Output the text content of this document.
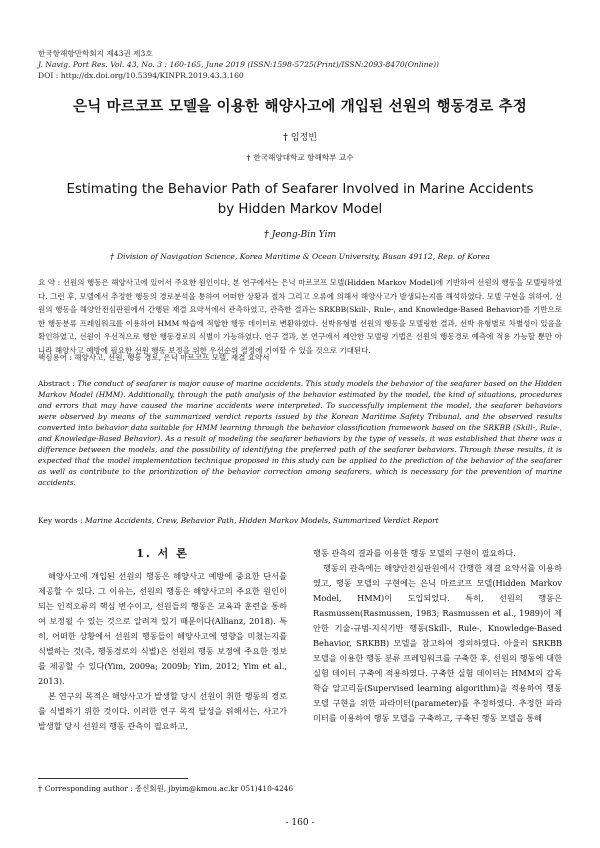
한국항해항만학회지 제43권 제3호
J. Navig. Port Res. Vol. 43, No. 3 : 160-165, June 2019 (ISSN:1598-5725(Print)/ISSN:2093-8470(Online))
DOI : http://dx.doi.org/10.5394/KINPR.2019.43.3.160
은닉 마르코프 모델을 이용한 해양사고에 개입된 선원의 행동경로 추정
† 임정빈
† 한국해양대학교 항해학부 교수
Estimating the Behavior Path of Seafarer Involved in Marine Accidents by Hidden Markov Model
† Jeong-Bin Yim
† Division of Navigation Science, Korea Maritime & Ocean University, Busan 49112, Rep. of Korea
요 약 : 선원의 행동은 해양사고에 있어서 주요한 원인이다. 본 연구에서는 은닉 마르코프 모델(Hidden Markov Model)에 기반하여 선원의 행동을 모델링하였다. 그런 후, 모델에서 추정한 행동의 경로분석을 통하여 어떠한 상황과 절차 그리고 오류에 의해서 해양사고가 발생되는지를 해석하였다. 모델 구현을 위하여, 선원의 행동을 해양안전심판원에서 간행된 재결 요약서에서 관측하였고, 관측한 결과는 SRKBB(Skill-, Rule-, and Knowledge-Based Behavior)를 기반으로 한 행동분류 프레임워크를 이용하여 HMM 학습에 적합한 행동 데이터로 변환하였다. 선박유형별 선원의 행동을 모델링한 결과, 선박 유형별로 차별성이 있음을 확인하였고, 선원이 우선적으로 행한 행동경로의 식별이 가능하였다. 연구 결과, 본 연구에서 제안한 모델링 기법은 선원의 행동경로 예측에 적용 가능할 뿐만 아니라 해양사고 예방에 필요한 선원 행동 보정을 위한 우선순위 결정에 기여할 수 있을 것으로 기대된다.
핵심용어 : 해양사고, 선원, 행동 경로, 은닉 마르코프 모델, 재결 요약서
Abstract : The conduct of seafarer is major cause of marine accidents. This study models the behavior of the seafarer based on the Hidden Markov Model (HMM). Additionally, through the path analysis of the behavior estimated by the model, the kind of situations, procedures and errors that may have caused the marine accidents were interpreted. To successfully implement the model, the seafarer behaviors were observed by means of the summarized verdict reports issued by the Korean Maritime Safety Tribunal, and the observed results converted into behavior data suitable for HMM learning through the behavior classification framework based on the SRKBB (Skill-, Rule-, and Knowledge-Based Behavior). As a result of modeling the seafarer behaviors by the type of vessels, it was established that there was a difference between the models, and the possibility of identifying the preferred path of the seafarer behaviors. Through these results, it is expected that the model implementation technique proposed in this study can be applied to the prediction of the behavior of the seafarer as well as contribute to the prioritization of the behavior correction among seafarers, which is necessary for the prevention of marine accidents.
Key words : Marine Accidents, Crew, Behavior Path, Hidden Markov Models, Summarized Verdict Report
1. 서 론

해양사고에 개입된 선원의 행동은 해양사고 예방에 중요한 단서를 제공할 수 있다. 그 이유는, 선원의 행동은 해양사고의 주요한 원인이 되는 인적오류의 핵심 변수이고, 선원들의 행동은 교육과 훈련을 통하여 보정될 수 있는 것으로 알려져 있기 때문이다(Allianz, 2018). 특히, 어떠한 상황에서 선원의 행동들이 해양사고에 영향을 미쳤는지를 식별하는 것(즉, 행동경로의 식별)은 선원의 행동 보정에 주요한 정보를 제공할 수 있다(Yim, 2009a; 2009b; Yim, 2012; Yim et al., 2013).

본 연구의 목적은 해양사고가 발생할 당시 선원이 취한 행동의 경로를 식별하기 위한 것이다. 이러한 연구 목적 달성을 위해서는, 사고가 발생할 당시 선원의 행동 관측이 필요하고,

행동 관측의 결과를 이용한 행동 모델의 구현이 필요하다.

행동의 관측에는 해양안전심판원에서 간행한 재결 요약서를 이용하였고, 행동 모델의 구현에는 은닉 마르코프 모델(Hidden Markov Model, HMM)이 도입되었다. 특히, 선원의 행동은 Rasmussen(Rasmussen, 1983; Rasmussen et al., 1989)이 제안한 기술-규범-지식기반 행동(Skill-, Rule-, Knowledge-Based Behavior, SRKBB) 모델을 참고하여 정의하였다. 아울러 SRKBB 모델을 이용한 행동 분류 프레임워크를 구축한 후, 선원의 행동에 대한 실험 데이터 구축에 적용하였다. 구축한 실험 데이터는 HMM의 감독 학습 알고리듬(Supervised learning algorithm)을 적용하여 행동 모델 구현을 위한 파라미터(parameter)를 추정하였다. 추정한 파라미터를 이용하여 행동 모델을 구축하고, 구축된 행동 모델을 통해

† Corresponding author : 종신회원, jbyim@kmou.ac.kr 051)410-4246
- 160 -
